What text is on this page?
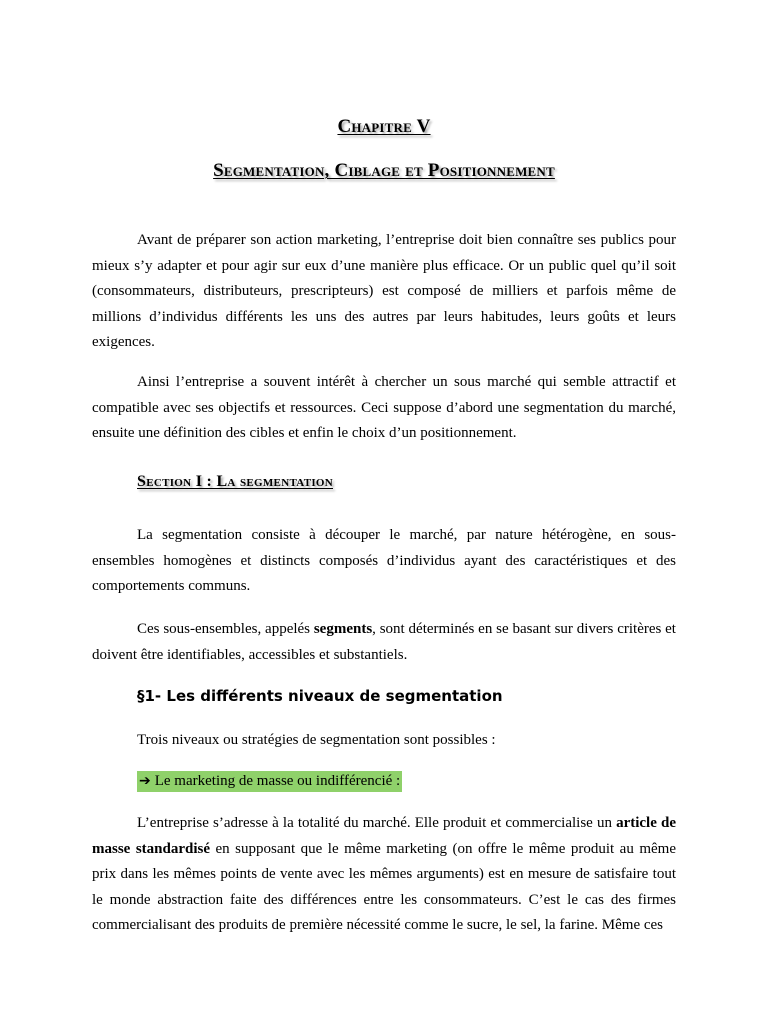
Chapitre V
Segmentation, Ciblage et Positionnement

Avant de préparer son action marketing, l’entreprise doit bien connaître ses publics pour mieux s’y adapter et pour agir sur eux d’une manière plus efficace. Or un public quel qu’il soit (consommateurs, distributeurs, prescripteurs) est composé de milliers et parfois même de millions d’individus différents les uns des autres par leurs habitudes, leurs goûts et leurs exigences.

Ainsi l’entreprise a souvent intérêt à chercher un sous marché qui semble attractif et compatible avec ses objectifs et ressources. Ceci suppose d’abord une segmentation du marché, ensuite une définition des cibles et enfin le choix d’un positionnement.

Section I : La segmentation

La segmentation consiste à découper le marché, par nature hétérogène, en sous-ensembles homogènes et distincts composés d’individus ayant des caractéristiques et des comportements communs.

Ces sous-ensembles, appelés segments, sont déterminés en se basant sur divers critères et doivent être identifiables, accessibles et substantiels.

§1- Les différents niveaux de segmentation

Trois niveaux ou stratégies de segmentation sont possibles :

➔ Le marketing de masse ou indifférencié :

L’entreprise s’adresse à la totalité du marché. Elle produit et commercialise un article de masse standardisé en supposant que le même marketing (on offre le même produit au même prix dans les mêmes points de vente avec les mêmes arguments) est en mesure de satisfaire tout le monde abstraction faite des différences entre les consommateurs. C’est le cas des firmes commercialisant des produits de première nécessité comme le sucre, le sel, la farine. Même ces
